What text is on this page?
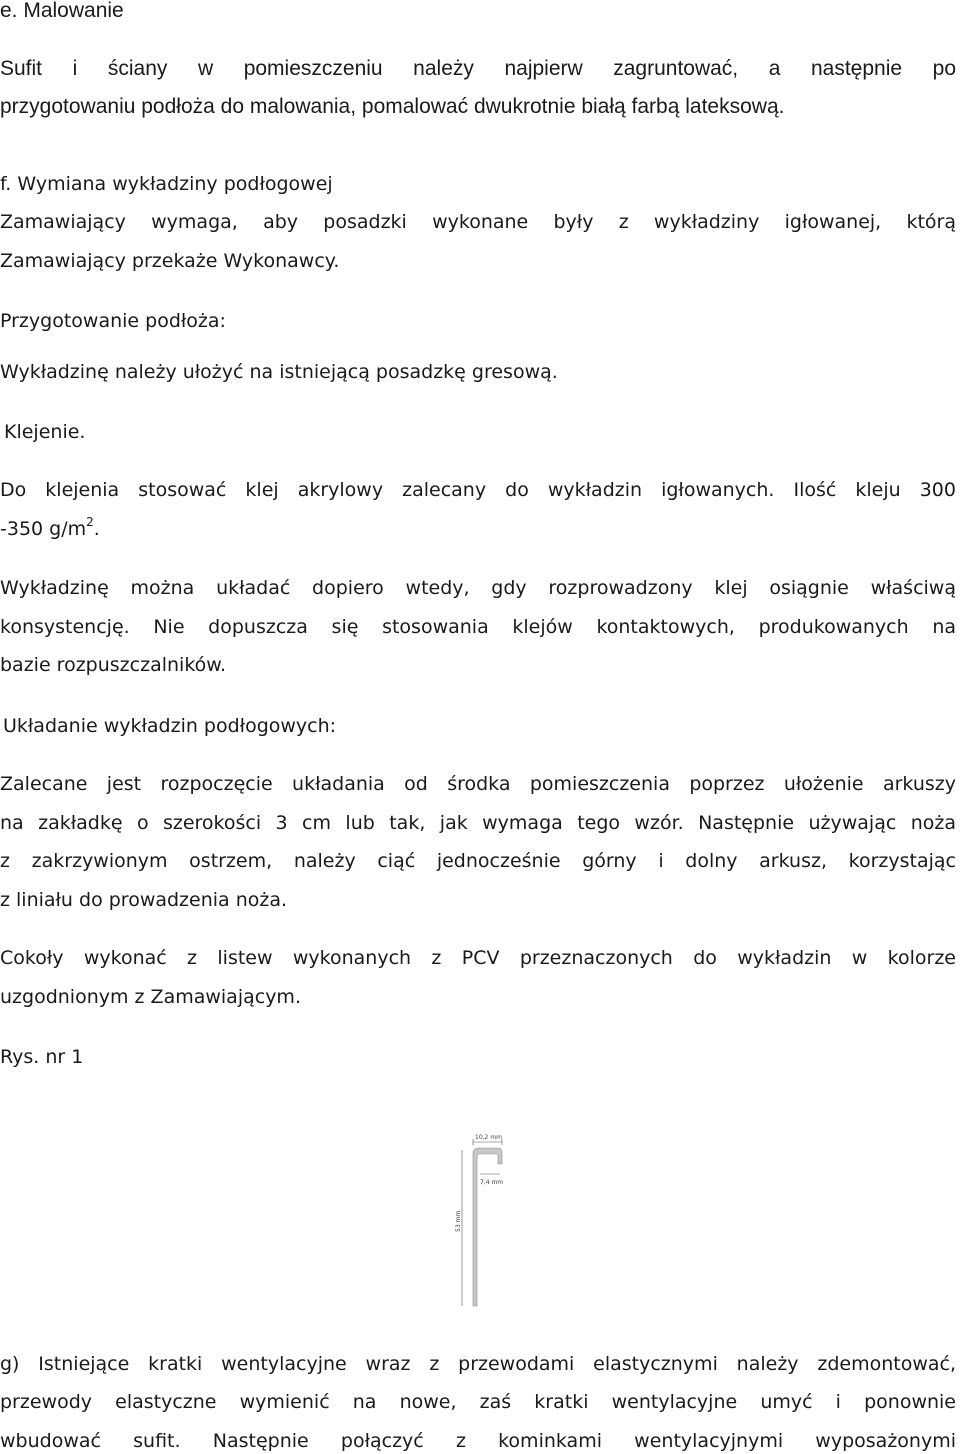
e. Malowanie

Sufit i ściany w pomieszczeniu należy najpierw zagruntować, a następnie po

przygotowaniu podłoża do malowania, pomalować dwukrotnie białą farbą lateksową.

f. Wymiana wykładziny podłogowej

Zamawiający wymaga, aby posadzki wykonane były z wykładziny igłowanej, którą

Zamawiający przekaże Wykonawcy.

Przygotowanie podłoża:

Wykładzinę należy ułożyć na istniejącą posadzkę gresową.

Klejenie.

Do klejenia stosować klej akrylowy zalecany do wykładzin igłowanych. Ilość kleju 300

-350 $g/m^2$.

Wykładzinę można układać dopiero wtedy, gdy rozprowadzony klej osiągnie właściwą

konsystencję. Nie dopuszcza się stosowania klejów kontaktowych, produkowanych na

bazie rozpuszczalników.

Układanie wykładzin podłogowych:

Zalecane jest rozpoczęcie układania od środka pomieszczenia poprzez ułożenie arkuszy

na zakładkę o szerokości 3 cm lub tak, jak wymaga tego wzór. Następnie używając noża

z zakrzywionym ostrzem, należy ciąć jednocześnie górny i dolny arkusz, korzystając

z liniału do prowadzenia noża.

Cokoły wykonać z listew wykonanych z PCV przeznaczonych do wykładzin w kolorze

uzgodnionym z Zamawiającym.

Rys. nr 1

10,2 mm
7,4 mm
53 mm

g) Istniejące kratki wentylacyjne wraz z przewodami elastycznymi należy zdemontować,

przewody elastyczne wymienić na nowe, zaś kratki wentylacyjne umyć i ponownie

wbudować sufit. Następnie połączyć z kominkami wentylacyjnymi wyposażonymi
